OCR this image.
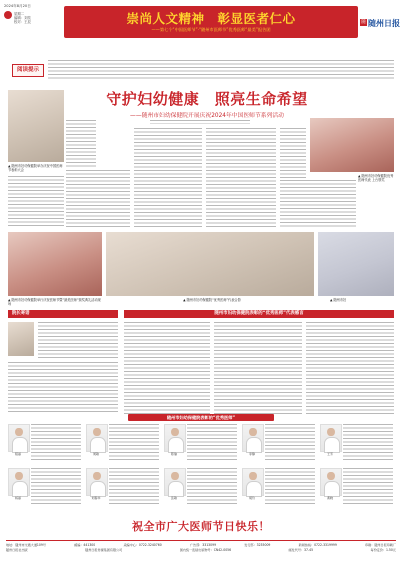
2024年8月20日
星期二
编辑：刘奕
校对：王辰	崇尚人文精神　彰显医者仁心
——第七个“中国医师节”·“随州市医师节”优秀医师“最美”报告团
随 随州日报
阅读提示
守护妇幼健康　照亮生命希望
——随州市妇幼保健院开展庆祝2024年中国医师节系列活动
▲ 随州市妇幼保健院举办庆祝中国医师节表彰大会
▲ 随州市妇幼保健院优秀医师代表 上台领奖
▲ 随州市妇幼保健院举行庆祝医师节暨“最美医师”颁奖典礼活动现场
▲ 随州市妇幼保健院“优秀医师”代表合影	▲ 随州市妇
院长寄语	随州市妇幼保健院表彰的“优秀医师”代表感言
随州市妇幼保健院表彰的“优秀医师”
程丽	周敏	陈瑜	李静	王芳
杨丽	刘春华	张敏	胡玲	黄晓
祝全市广大医师节日快乐！
地址：随州市交通大道109号	邮编：441300	采编中心：0722-3240760	广告部：3313099	发行部：3235009	新闻热线：0722-3319999	印刷：随州日报印刷厂
随州日报社出版	随州日报传媒集团有限公司	国内统一连续出版物号：CN42-0056	邮发代号：37-45	每份定价：1.50元
